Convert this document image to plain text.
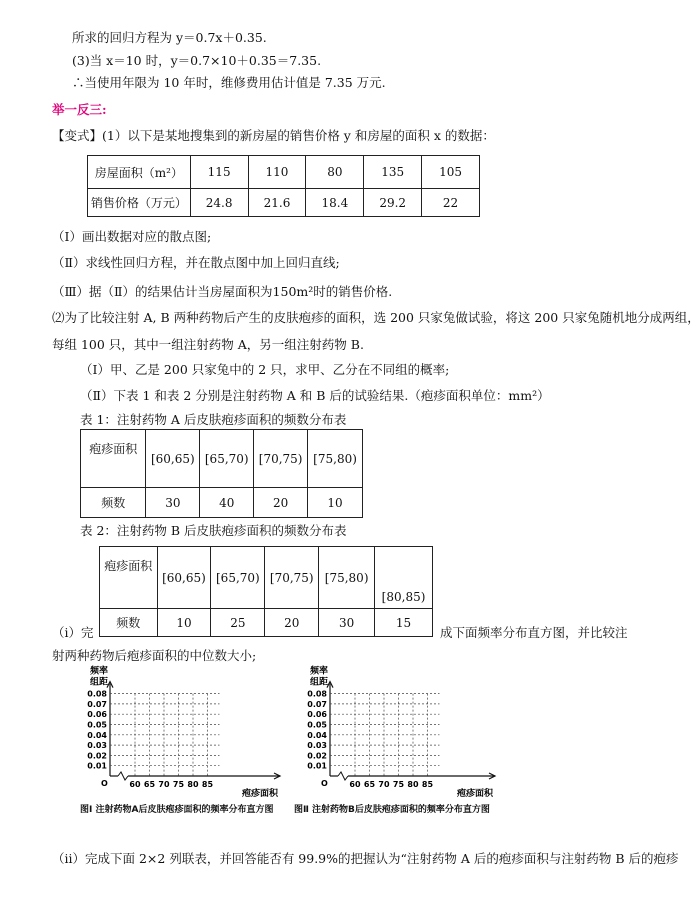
所求的回归方程为 y＝0.7x＋0.35.
(3)当 x＝10 时，y＝0.7×10＋0.35＝7.35.
∴当使用年限为 10 年时，维修费用估计值是 7.35 万元.
举一反三:
【变式】(1）以下是某地搜集到的新房屋的销售价格 y 和房屋的面积 x 的数据：
房屋面积（m²）	115	110	80	135	105
销售价格（万元）	24.8	21.6	18.4	29.2	22
（Ⅰ）画出数据对应的散点图;
（Ⅱ）求线性回归方程，并在散点图中加上回归直线;
（Ⅲ）据（Ⅱ）的结果估计当房屋面积为150m²时的销售价格.
⑵为了比较注射 A, B 两种药物后产生的皮肤疱疹的面积，选 200 只家兔做试验，将这 200 只家兔随机地分成两组，
每组 100 只，其中一组注射药物 A，另一组注射药物 B.
（Ⅰ）甲、乙是 200 只家兔中的 2 只，求甲、乙分在不同组的概率;
（Ⅱ）下表 1 和表 2 分别是注射药物 A 和 B 后的试验结果.（疱疹面积单位：mm²）
表 1：注射药物 A 后皮肤疱疹面积的频数分布表
疱疹面积	[60,65)	[65,70)	[70,75)	[75,80)
频数	30	40	20	10
表 2：注射药物 B 后皮肤疱疹面积的频数分布表
疱疹面积	[60,65)	[65,70)	[70,75)	[75,80)	[80,85)
频数	10	25	20	30	15
（ⅰ）完	成下面频率分布直方图，并比较注
射两种药物后疱疹面积的中位数大小;
频率
组距
0.08
0.07
0.06
0.05
0.04
0.03
0.02
0.01
60 65 70 75 80 85
O
疱疹面积
频率
组距
0.08
0.07
0.06
0.05
0.04
0.03
0.02
0.01
60 65 70 75 80 85
O
疱疹面积
图Ⅰ 注射药物A后皮肤疱疹面积的频率分布直方图 图Ⅱ 注射药物B后皮肤疱疹面积的频率分布直方图
（ⅱ）完成下面 2×2 列联表，并回答能否有 99.9%的把握认为“注射药物 A 后的疱疹面积与注射药物 B 后的疱疹
